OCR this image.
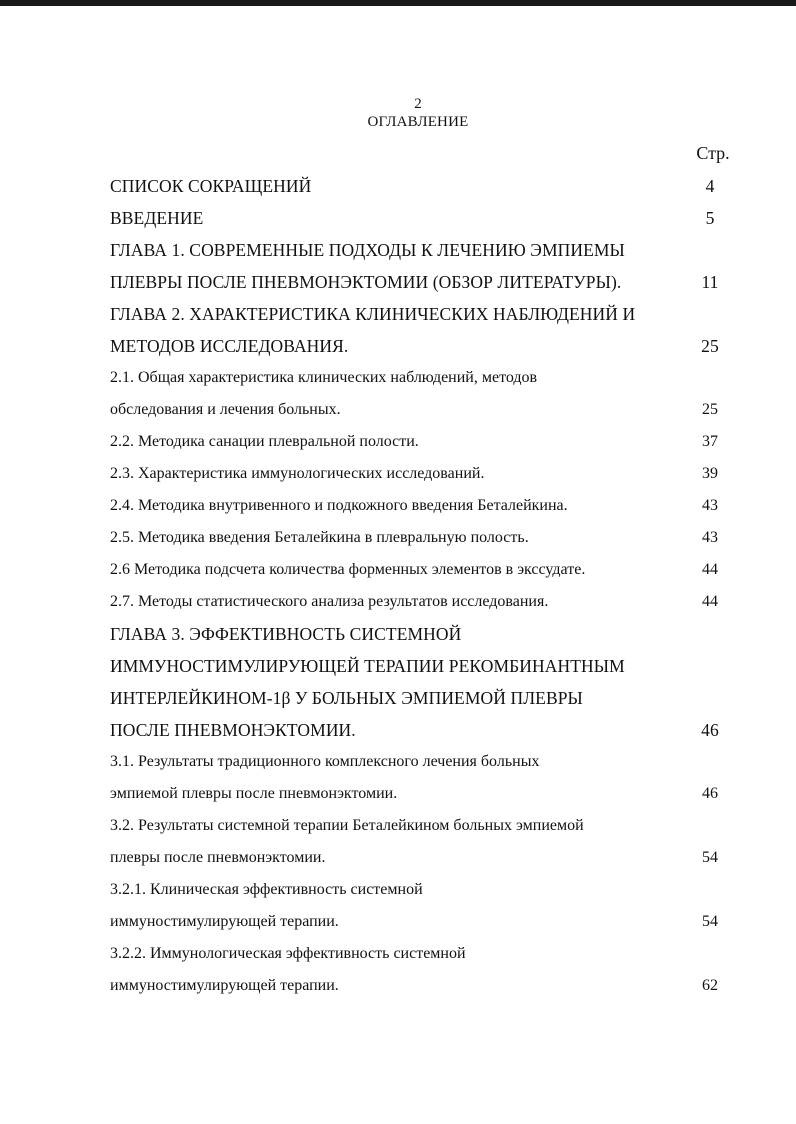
2
ОГЛАВЛЕНИЕ
Стр.
СПИСОК СОКРАЩЕНИЙ	4
ВВЕДЕНИЕ	5
ГЛАВА 1. СОВРЕМЕННЫЕ ПОДХОДЫ К ЛЕЧЕНИЮ ЭМПИЕМЫ
ПЛЕВРЫ ПОСЛЕ ПНЕВМОНЭКТОМИИ (ОБЗОР ЛИТЕРАТУРЫ).	11
ГЛАВА 2. ХАРАКТЕРИСТИКА КЛИНИЧЕСКИХ НАБЛЮДЕНИЙ И
МЕТОДОВ ИССЛЕДОВАНИЯ.	25
2.1. Общая характеристика клинических наблюдений, методов
обследования и лечения больных.	25
2.2. Методика санации плевральной полости.	37
2.3. Характеристика иммунологических исследований.	39
2.4. Методика внутривенного и подкожного введения Беталейкина.	43
2.5. Методика введения Беталейкина в плевральную полость.	43
2.6 Методика подсчета количества форменных элементов в экссудате.	44
2.7. Методы статистического анализа результатов исследования.	44
ГЛАВА 3. ЭФФЕКТИВНОСТЬ СИСТЕМНОЙ
ИММУНОСТИМУЛИРУЮЩЕЙ ТЕРАПИИ РЕКОМБИНАНТНЫМ
ИНТЕРЛЕЙКИНОМ-1β У БОЛЬНЫХ ЭМПИЕМОЙ ПЛЕВРЫ
ПОСЛЕ ПНЕВМОНЭКТОМИИ.	46
3.1. Результаты традиционного комплексного лечения больных
эмпиемой плевры после пневмонэктомии.	46
3.2. Результаты системной терапии Беталейкином больных эмпиемой
плевры после пневмонэктомии.	54
3.2.1. Клиническая эффективность системной
иммуностимулирующей терапии.	54
3.2.2. Иммунологическая эффективность системной
иммуностимулирующей терапии.	62
